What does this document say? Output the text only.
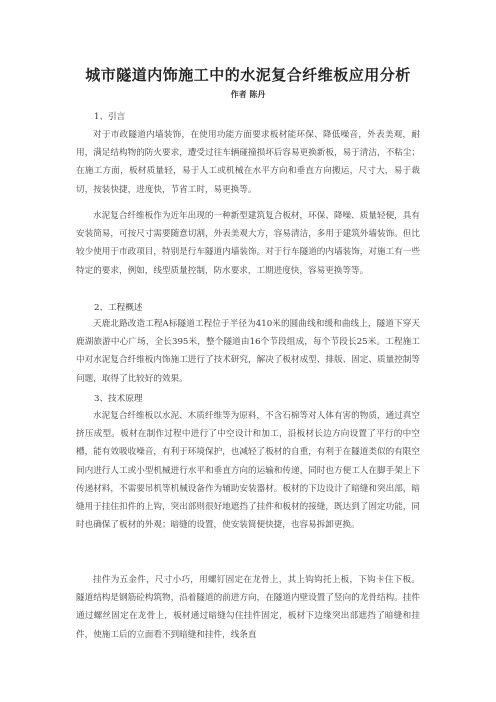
城市隧道内饰施工中的水泥复合纤维板应用分析
作者 陈丹
1、引言

对于市政隧道内墙装饰，在使用功能方面要求板材能环保、降低噪音，外表美观，耐用，满足结构物的防火要求，遭受过往车辆碰撞损坏后容易更换新板，易于清洁，不粘尘；在施工方面，板材质量轻，易于人工或机械在水平方向和垂直方向搬运，尺寸大，易于裁切，按装快捷，进度快，节省工时，易更换等。

水泥复合纤维板作为近年出现的一种新型建筑复合板材，环保、降噪、质量轻便，具有安装简易，可按尺寸需要随意切割，外表美观大方，容易清洁，多用于建筑外墙装饰。但比较少使用于市政项目，特别是行车隧道内墙装饰。对于行车隧道的内墙装饰，对施工有一些特定的要求，例如，线型质量控制，防水要求，工期进度快，容易更换等等。

2、工程概述

天鹿北路改造工程A标隧道工程位于半径为410米的圆曲线和缓和曲线上，隧道下穿天鹿湖旅游中心广场，全长395米，整个隧道由16个节段组成，每个节段长25米。工程施工中对水泥复合纤维板内饰施工进行了技术研究，解决了板材成型、排版、固定、质量控制等问题，取得了比较好的效果。

3、技术原理

水泥复合纤维板以水泥、木质纤维等为原料，不含石棉等对人体有害的物质，通过真空挤压成型。板材在制作过程中进行了中空设计和加工，沿板材长边方向设置了平行的中空槽，能有效吸收噪音，有利于环境保护，也减轻了板材的自重，有利于在隧道类似的有限空间内进行人工或小型机械进行水平和垂直方向的运输和传递，同时也方便工人在脚手架上下传递材料，不需要吊机等机械设备作为辅助安装器材。板材的下边设计了暗缝和突出部，暗缝用于挂住扣件的上钩，突出部则很好地遮挡了挂件和板材的接缝，既达到了固定功能，同时也确保了板材的外观；暗缝的设置，使安装简便快捷，也容易拆卸更换。

挂件为五金件，尺寸小巧，用螺钉固定在龙骨上，其上钩钩托上板，下钩卡住下板。 隧道结构是钢筋砼构筑物，沿着隧道的前进方向，在隧道内壁设置了竖向的龙骨结构。挂件通过螺丝固定在龙骨上，板材通过暗缝勾住挂件固定，板材下边缘突出部遮挡了暗缝和挂件，使施工后的立面看不到暗缝和挂件，线条直
